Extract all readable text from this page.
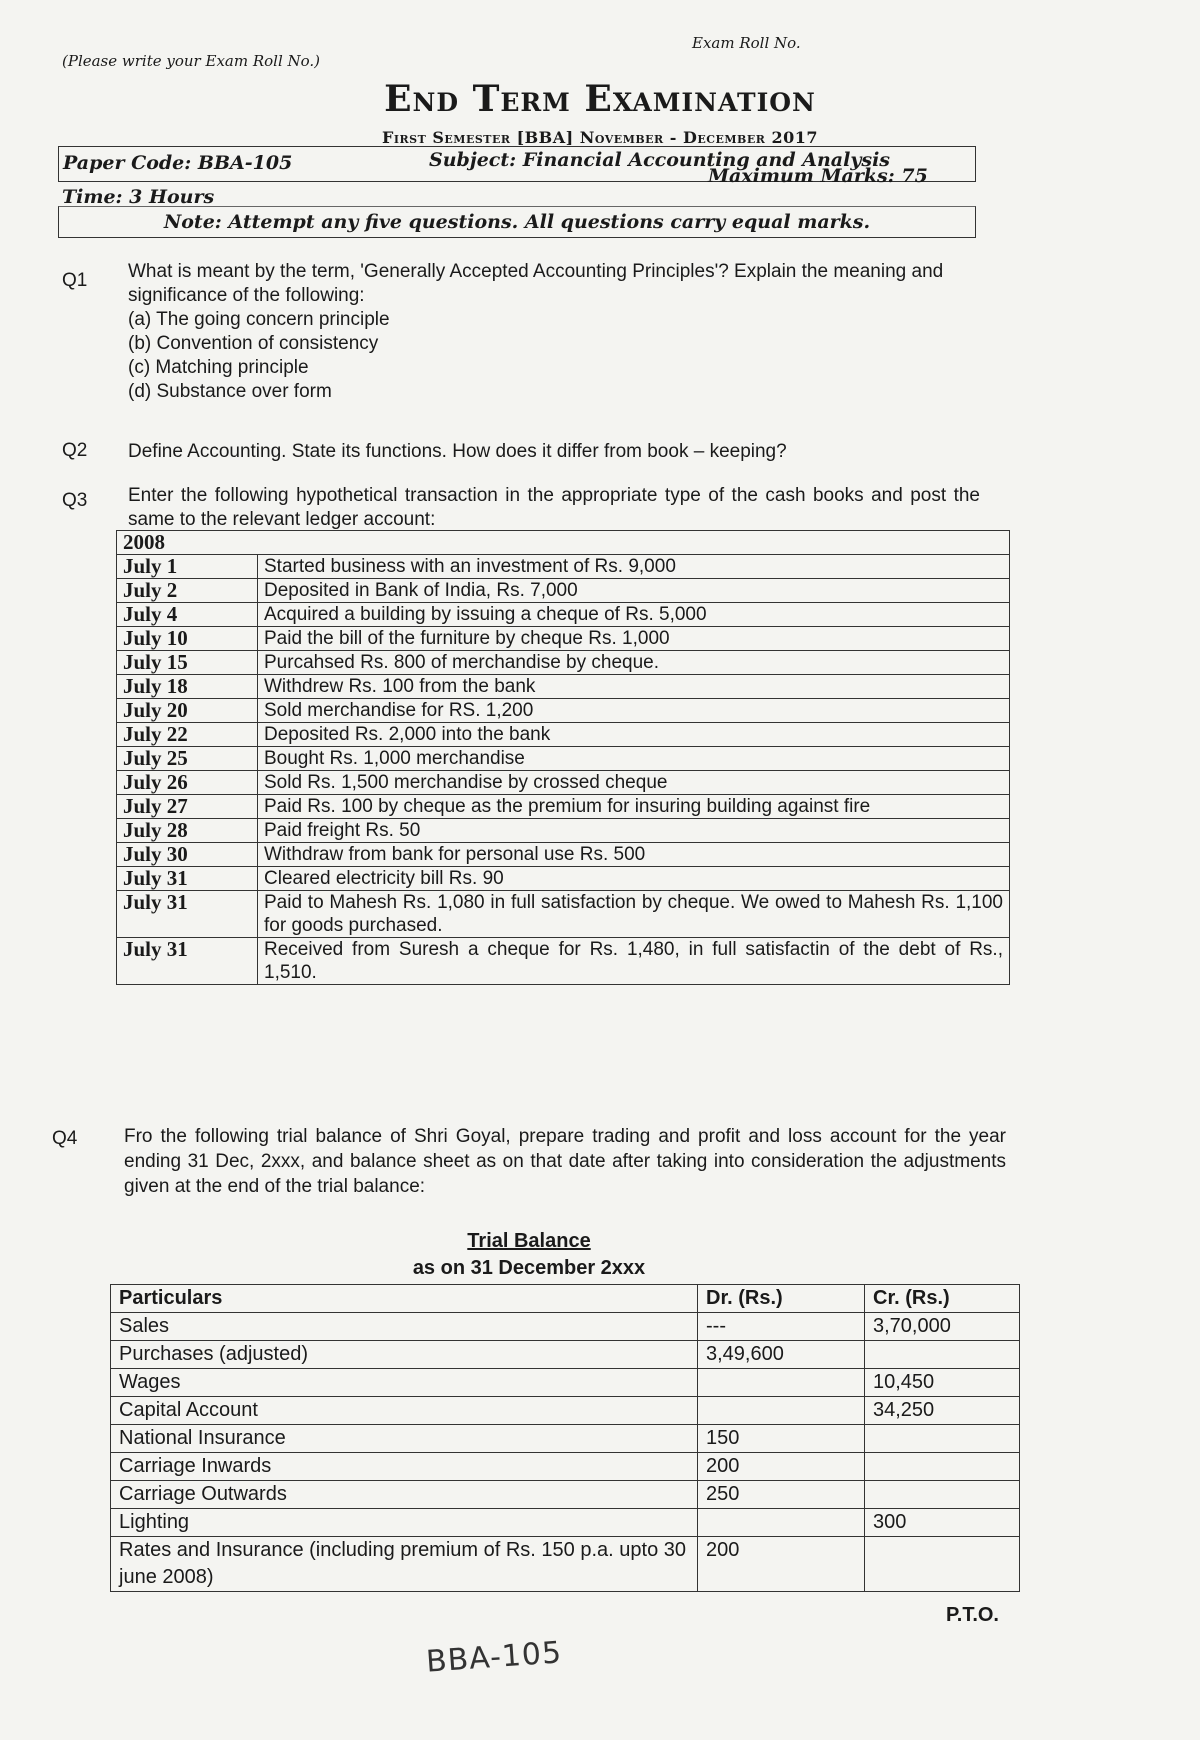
(Please write your Exam Roll No.)
Exam Roll No.
End Term Examination
First Semester [BBA] November - December 2017
Paper Code: BBA-105	Subject: Financial Accounting and Analysis
Maximum Marks: 75
Time: 3 Hours
Note: Attempt any five questions. All questions carry equal marks.
Q1 What is meant by the term, 'Generally Accepted Accounting Principles'? Explain the meaning and significance of the following:
(a) The going concern principle
(b) Convention of consistency
(c) Matching principle
(d) Substance over form
Q2 Define Accounting. State its functions. How does it differ from book – keeping?
Q3 Enter the following hypothetical transaction in the appropriate type of the cash books and post the same to the relevant ledger account:
2008	
July 1	Started business with an investment of Rs. 9,000
July 2	Deposited in Bank of India, Rs. 7,000
July 4	Acquired a building by issuing a cheque of Rs. 5,000
July 10	Paid the bill of the furniture by cheque Rs. 1,000
July 15	Purcahsed Rs. 800 of merchandise by cheque.
July 18	Withdrew Rs. 100 from the bank
July 20	Sold merchandise for RS. 1,200
July 22	Deposited Rs. 2,000 into the bank
July 25	Bought Rs. 1,000 merchandise
July 26	Sold Rs. 1,500 merchandise by crossed cheque
July 27	Paid Rs. 100 by cheque as the premium for insuring building against fire
July 28	Paid freight Rs. 50
July 30	Withdraw from bank for personal use Rs. 500
July 31	Cleared electricity bill Rs. 90
July 31	Paid to Mahesh Rs. 1,080 in full satisfaction by cheque. We owed to Mahesh Rs. 1,100 for goods purchased.
July 31	Received from Suresh a cheque for Rs. 1,480, in full satisfactin of the debt of Rs., 1,510.
Q4 Fro the following trial balance of Shri Goyal, prepare trading and profit and loss account for the year ending 31 Dec, 2xxx, and balance sheet as on that date after taking into consideration the adjustments given at the end of the trial balance:
Trial Balance
as on 31 December 2xxx
Particulars	Dr. (Rs.)	Cr. (Rs.)
Sales	---	3,70,000
Purchases (adjusted)	3,49,600	
Wages		10,450
Capital Account		34,250
National Insurance	150	
Carriage Inwards	200	
Carriage Outwards	250	
Lighting		300
Rates and Insurance (including premium of Rs. 150 p.a. upto 30 june 2008)	200	
P.T.O.
BBA-105
